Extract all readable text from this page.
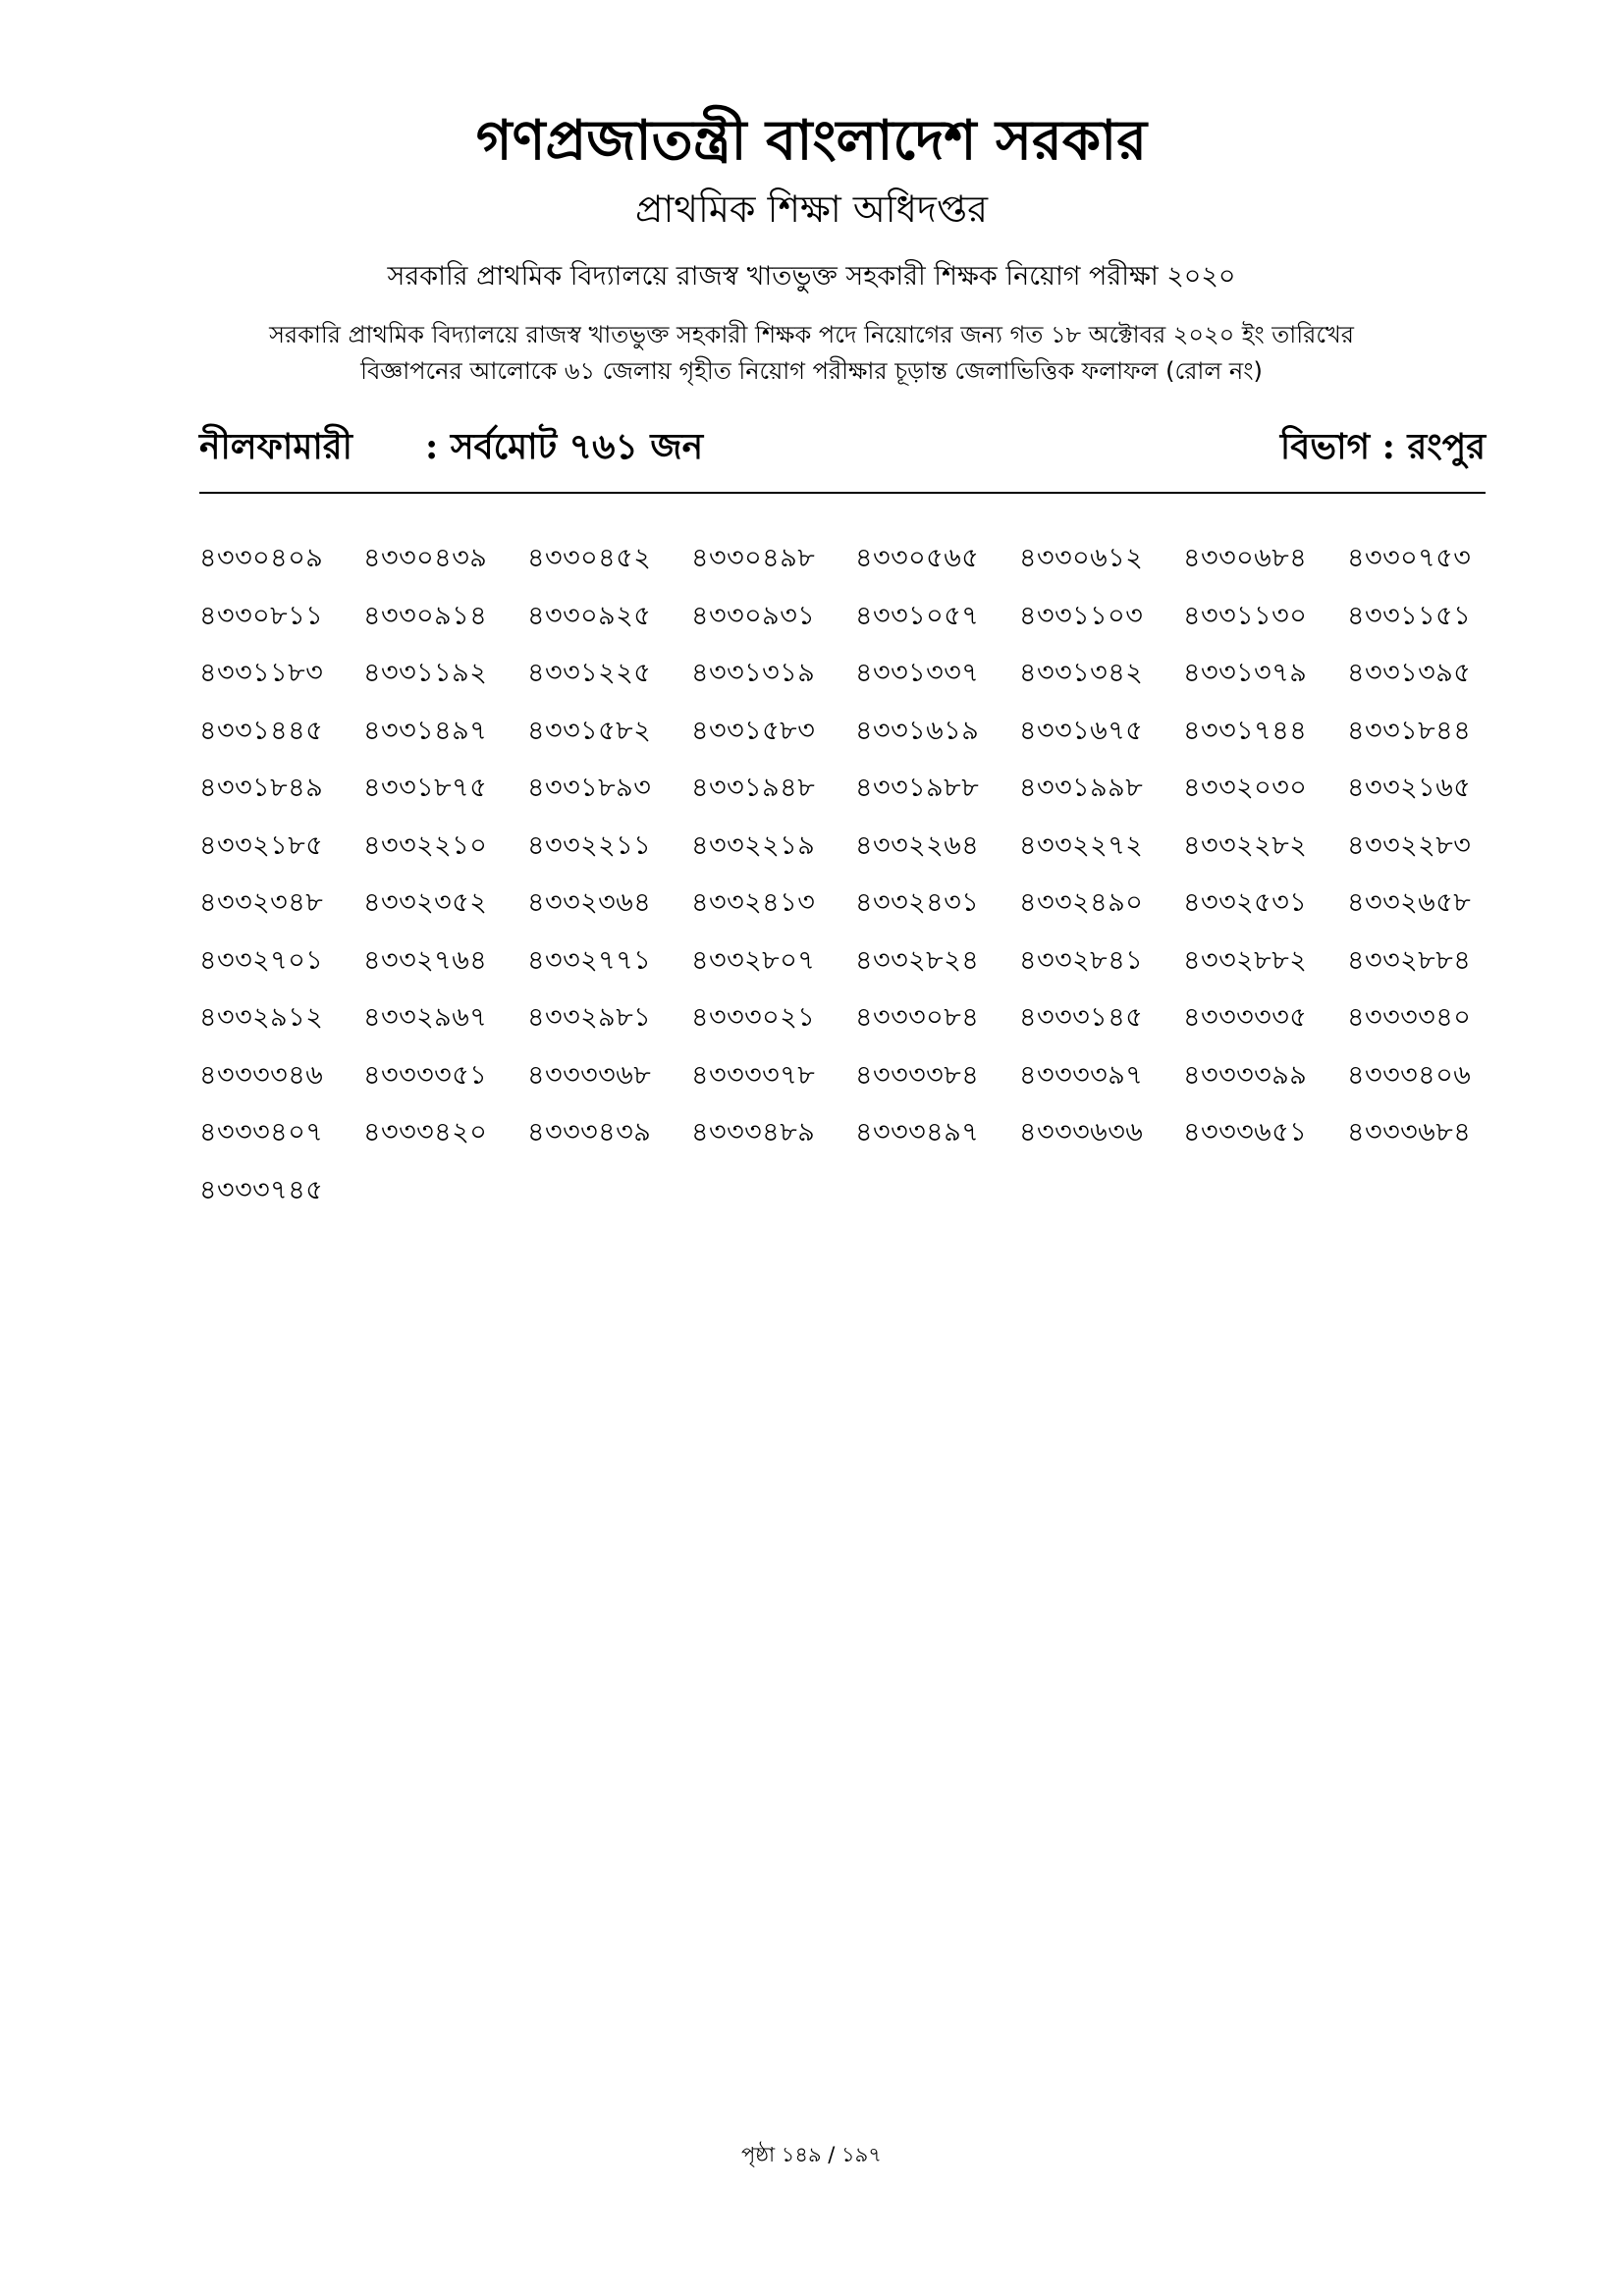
গণপ্রজাতন্ত্রী বাংলাদেশ সরকার
প্রাথমিক শিক্ষা অধিদপ্তর
সরকারি প্রাথমিক বিদ্যালয়ে রাজস্ব খাতভুক্ত সহকারী শিক্ষক নিয়োগ পরীক্ষা ২০২০
সরকারি প্রাথমিক বিদ্যালয়ে রাজস্ব খাতভুক্ত সহকারী শিক্ষক পদে নিয়োগের জন্য গত ১৮ অক্টোবর ২০২০ ইং তারিখের
বিজ্ঞাপনের আলোকে ৬১ জেলায় গৃহীত নিয়োগ পরীক্ষার চূড়ান্ত জেলাভিত্তিক ফলাফল (রোল নং)
নীলফামারী : সর্বমোট ৭৬১ জন	বিভাগ : রংপুর
৪৩৩০৪০৯	৪৩৩০৪৩৯	৪৩৩০৪৫২	৪৩৩০৪৯৮	৪৩৩০৫৬৫	৪৩৩০৬১২	৪৩৩০৬৮৪	৪৩৩০৭৫৩
৪৩৩০৮১১	৪৩৩০৯১৪	৪৩৩০৯২৫	৪৩৩০৯৩১	৪৩৩১০৫৭	৪৩৩১১০৩	৪৩৩১১৩০	৪৩৩১১৫১
৪৩৩১১৮৩	৪৩৩১১৯২	৪৩৩১২২৫	৪৩৩১৩১৯	৪৩৩১৩৩৭	৪৩৩১৩৪২	৪৩৩১৩৭৯	৪৩৩১৩৯৫
৪৩৩১৪৪৫	৪৩৩১৪৯৭	৪৩৩১৫৮২	৪৩৩১৫৮৩	৪৩৩১৬১৯	৪৩৩১৬৭৫	৪৩৩১৭৪৪	৪৩৩১৮৪৪
৪৩৩১৮৪৯	৪৩৩১৮৭৫	৪৩৩১৮৯৩	৪৩৩১৯৪৮	৪৩৩১৯৮৮	৪৩৩১৯৯৮	৪৩৩২০৩০	৪৩৩২১৬৫
৪৩৩২১৮৫	৪৩৩২২১০	৪৩৩২২১১	৪৩৩২২১৯	৪৩৩২২৬৪	৪৩৩২২৭২	৪৩৩২২৮২	৪৩৩২২৮৩
৪৩৩২৩৪৮	৪৩৩২৩৫২	৪৩৩২৩৬৪	৪৩৩২৪১৩	৪৩৩২৪৩১	৪৩৩২৪৯০	৪৩৩২৫৩১	৪৩৩২৬৫৮
৪৩৩২৭০১	৪৩৩২৭৬৪	৪৩৩২৭৭১	৪৩৩২৮০৭	৪৩৩২৮২৪	৪৩৩২৮৪১	৪৩৩২৮৮২	৪৩৩২৮৮৪
৪৩৩২৯১২	৪৩৩২৯৬৭	৪৩৩২৯৮১	৪৩৩৩০২১	৪৩৩৩০৮৪	৪৩৩৩১৪৫	৪৩৩৩৩৩৫	৪৩৩৩৩৪০
৪৩৩৩৩৪৬	৪৩৩৩৩৫১	৪৩৩৩৩৬৮	৪৩৩৩৩৭৮	৪৩৩৩৩৮৪	৪৩৩৩৩৯৭	৪৩৩৩৩৯৯	৪৩৩৩৪০৬
৪৩৩৩৪০৭	৪৩৩৩৪২০	৪৩৩৩৪৩৯	৪৩৩৩৪৮৯	৪৩৩৩৪৯৭	৪৩৩৩৬৩৬	৪৩৩৩৬৫১	৪৩৩৩৬৮৪
৪৩৩৩৭৪৫
পৃষ্ঠা ১৪৯ / ১৯৭
